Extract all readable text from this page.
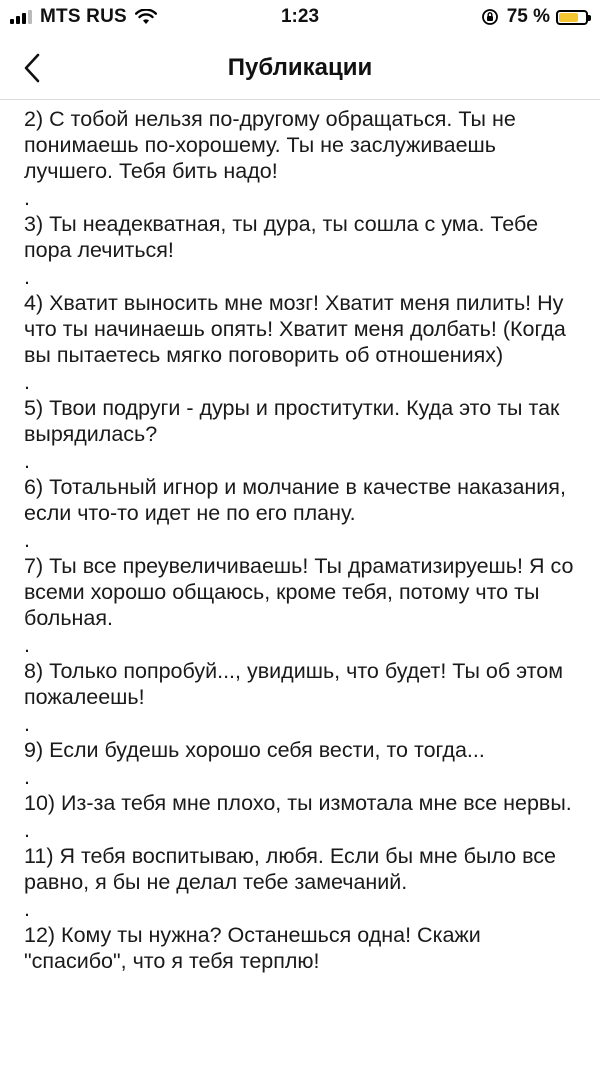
MTS RUS	1:23	75 %
Публикации

2) С тобой нельзя по-другому обращаться. Ты не понимаешь по-хорошему. Ты не заслуживаешь лучшего. Тебя бить надо!

.

3) Ты неадекватная, ты дура, ты сошла с ума. Тебе пора лечиться!

.

4) Хватит выносить мне мозг! Хватит меня пилить! Ну что ты начинаешь опять! Хватит меня долбать! (Когда вы пытаетесь мягко поговорить об отношениях)

.

5) Твои подруги - дуры и проститутки. Куда это ты так вырядилась?

.

6) Тотальный игнор и молчание в качестве наказания, если что-то идет не по его плану.

.

7) Ты все преувеличиваешь! Ты драматизируешь! Я со всеми хорошо общаюсь, кроме тебя, потому что ты больная.

.

8) Только попробуй..., увидишь, что будет! Ты об этом пожалеешь!

.

9) Если будешь хорошо себя вести, то тогда...

.

10) Из-за тебя мне плохо, ты измотала мне все нервы.

.

11) Я тебя воспитываю, любя. Если бы мне было все равно, я бы не делал тебе замечаний.

.

12) Кому ты нужна? Останешься одна! Скажи "спасибо", что я тебя терплю!
